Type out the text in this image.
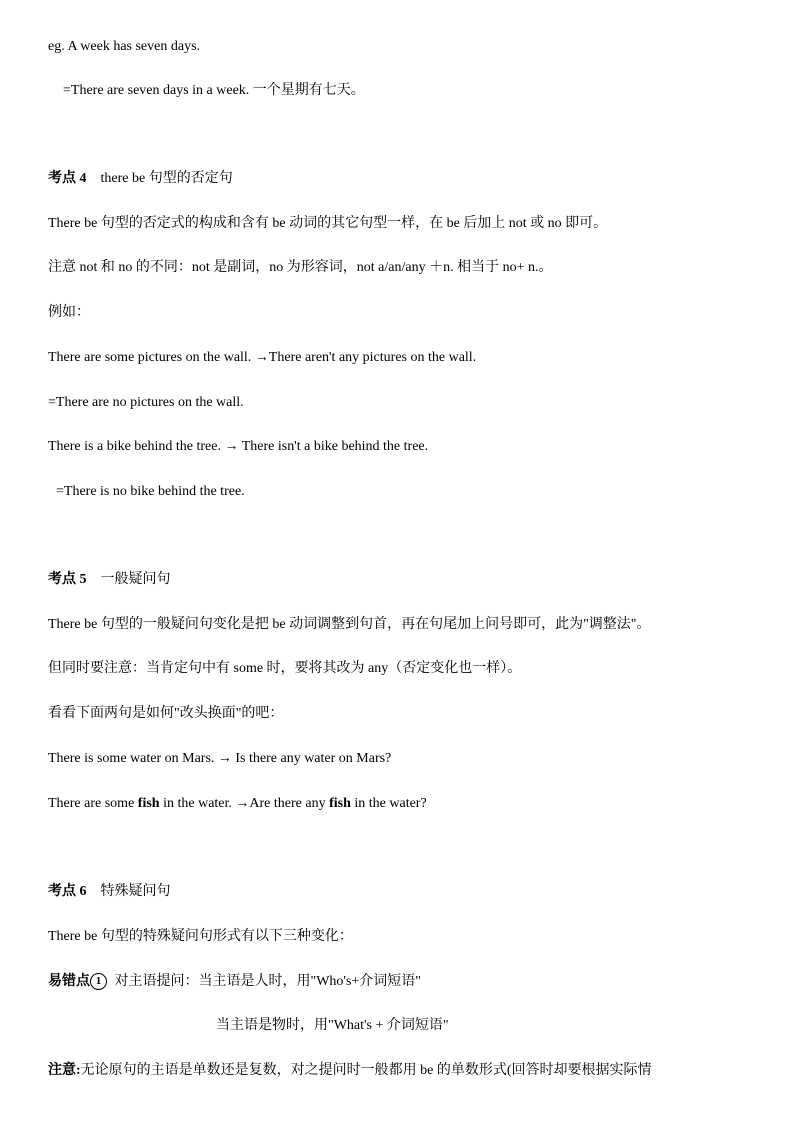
eg. A week has seven days.
=There are seven days in a week. 一个星期有七天。
考点 4 there be 句型的否定句
There be 句型的否定式的构成和含有 be 动词的其它句型一样，在 be 后加上 not 或 no 即可。
注意 not 和 no 的不同：not 是副词，no 为形容词，not a/an/any ＋n. 相当于 no+ n.。
例如：
There are some pictures on the wall. →There aren't any pictures on the wall.
=There are no pictures on the wall.
There is a bike behind the tree. → There isn't a bike behind the tree.
=There is no bike behind the tree.
考点 5 一般疑问句
There be 句型的一般疑问句变化是把 be 动词调整到句首，再在句尾加上问号即可，此为"调整法"。
但同时要注意：当肯定句中有 some 时，要将其改为 any（否定变化也一样）。
看看下面两句是如何"改头换面"的吧：
There is some water on Mars. → Is there any water on Mars?
There are some fish in the water. →Are there any fish in the water?
考点 6 特殊疑问句
There be 句型的特殊疑问句形式有以下三种变化：
易错点 1 对主语提问：当主语是人时，用"Who's+介词短语"
当主语是物时，用"What's + 介词短语"
注意:无论原句的主语是单数还是复数，对之提问时一般都用 be 的单数形式(回答时却要根据实际情
